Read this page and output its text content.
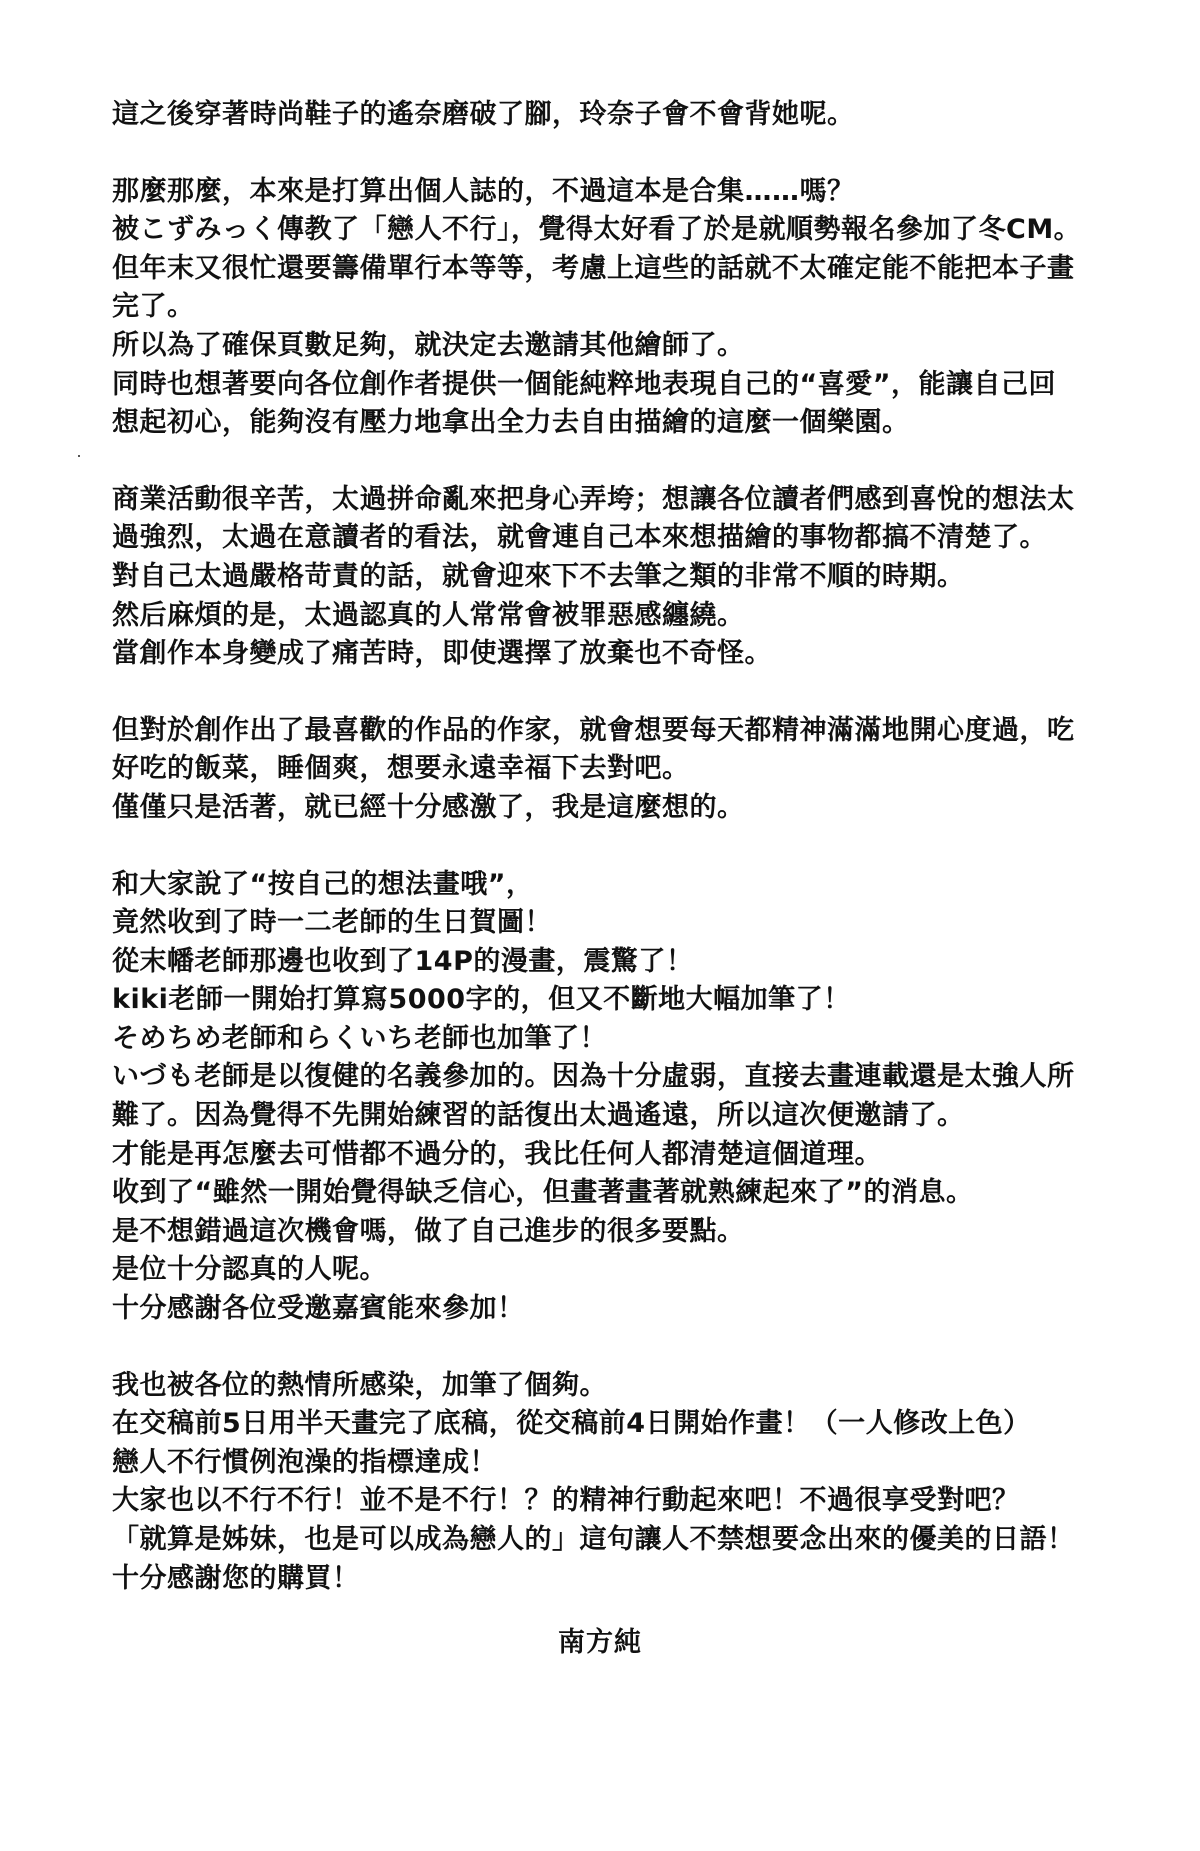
這之後穿著時尚鞋子的遙奈磨破了腳，玲奈子會不會背她呢。

那麼那麼，本來是打算出個人誌的，不過這本是合集……嗎？
被こずみっく傳教了「戀人不行」，覺得太好看了於是就順勢報名參加了冬CM。
但年末又很忙還要籌備單行本等等，考慮上這些的話就不太確定能不能把本子畫
完了。
所以為了確保頁數足夠，就決定去邀請其他繪師了。
同時也想著要向各位創作者提供一個能純粹地表現自己的“喜愛”，能讓自己回
想起初心，能夠沒有壓力地拿出全力去自由描繪的這麼一個樂園。

商業活動很辛苦，太過拼命亂來把身心弄垮；想讓各位讀者們感到喜悅的想法太
過強烈，太過在意讀者的看法，就會連自己本來想描繪的事物都搞不清楚了。
對自己太過嚴格苛責的話，就會迎來下不去筆之類的非常不順的時期。
然后麻煩的是，太過認真的人常常會被罪惡感纏繞。
當創作本身變成了痛苦時，即使選擇了放棄也不奇怪。

但對於創作出了最喜歡的作品的作家，就會想要每天都精神滿滿地開心度過，吃
好吃的飯菜，睡個爽，想要永遠幸福下去對吧。
僅僅只是活著，就已經十分感激了，我是這麼想的。

和大家說了“按自己的想法畫哦”，
竟然收到了時一二老師的生日賀圖！
從末幡老師那邊也收到了14P的漫畫，震驚了！
kiki老師一開始打算寫5000字的，但又不斷地大幅加筆了！
そめちめ老師和らくいち老師也加筆了！
いづも老師是以復健的名義參加的。因為十分虛弱，直接去畫連載還是太強人所
難了。因為覺得不先開始練習的話復出太過遙遠，所以這次便邀請了。
才能是再怎麼去可惜都不過分的，我比任何人都清楚這個道理。
收到了“雖然一開始覺得缺乏信心，但畫著畫著就熟練起來了”的消息。
是不想錯過這次機會嗎，做了自己進步的很多要點。
是位十分認真的人呢。
十分感謝各位受邀嘉賓能來參加！

我也被各位的熱情所感染，加筆了個夠。
在交稿前5日用半天畫完了底稿，從交稿前4日開始作畫！（一人修改上色）
戀人不行慣例泡澡的指標達成！
大家也以不行不行！並不是不行！？的精神行動起來吧！不過很享受對吧？
「就算是姊妹，也是可以成為戀人的」這句讓人不禁想要念出來的優美的日語！
十分感謝您的購買！

南方純
